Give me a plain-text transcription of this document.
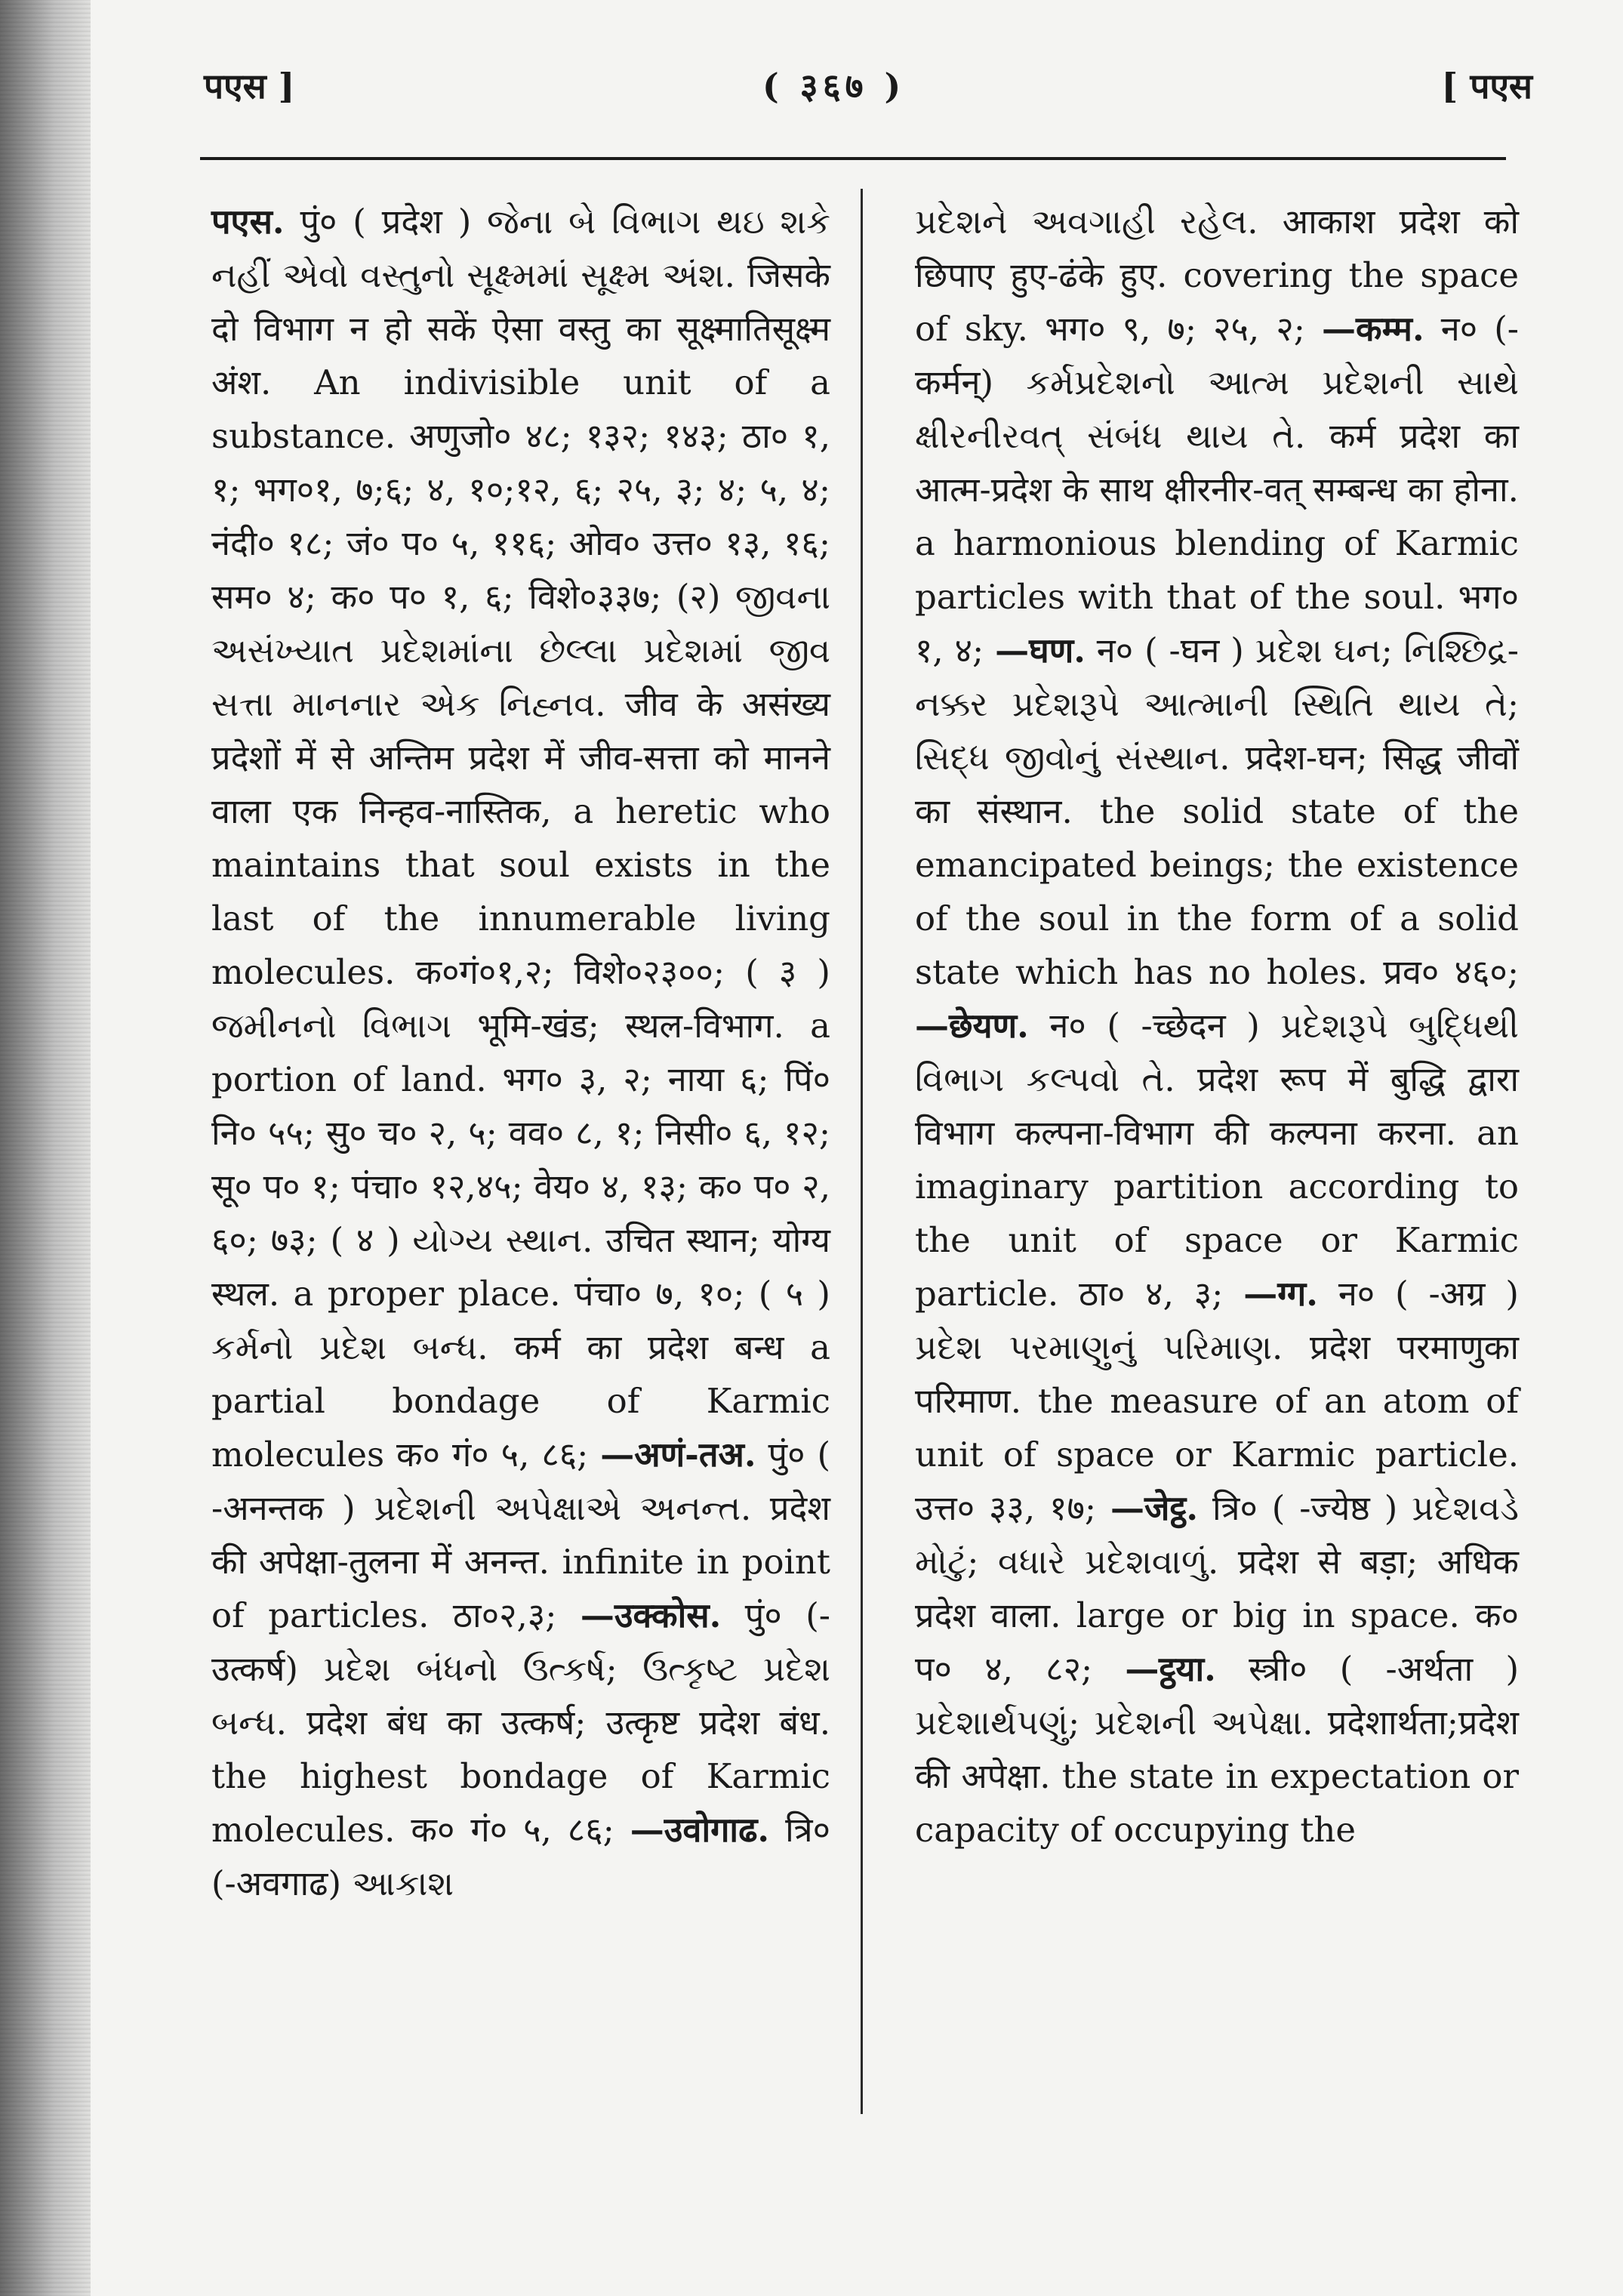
पएस ]	( ३६७ )	[ पएस

पएस. पुं० ( प्रदेश ) જેના બે વિભાગ થઇ શકે નહીં એવો વસ્તુનો સૂક્ષ્મમાં સૂક્ષ્મ અંશ. जिसके दो विभाग न हो सकें ऐसा वस्तु का सूक्ष्मातिसूक्ष्म अंश. An indivisible unit of a substance. अणुजो० ४८; १३२; १४३; ठा० १, १; भग०१, ७;६; ४, १०;१२, ६; २५, ३; ४; ५, ४; नंदी० १८; जं० प० ५, ११६; ओव० उत्त० १३, १६; सम० ४; क० प० १, ६; विशे०३३७; (२) જીવના અસંખ્યાત પ્રદેશમાંના છેલ્લા પ્રદેશમાં જીવ સત્તા માનનાર એક નિહ્નવ. जीव के असंख्य प्रदेशों में से अन्तिम प्रदेश में जीव-सत्ता को मानने वाला एक निन्हव-नास्तिक, a heretic who maintains that soul exists in the last of the innumerable living molecules. क०गं०१,२; विशे०२३००; ( ३ ) જમીનનો વિભાગ भूमि-खंड; स्थल-विभाग. a portion of land. भग० ३, २; नाया ६; पिं० नि० ५५; सु० च० २, ५; वव० ८, १; निसी० ६, १२; सू० प० १; पंचा० १२,४५; वेय० ४, १३; क० प० २, ६०; ७३; ( ४ ) યોગ્ય સ્થાન. उचित स्थान; योग्य स्थल. a proper place. पंचा० ७, १०; ( ५ ) કર્મનો પ્રદેશ બન્ધ. कर्म का प्रदेश बन्ध a partial bondage of Karmic molecules क० गं० ५, ८६; —अणं-तअ. पुं० ( -अनन्तक ) પ્રદેશની અપેક્ષાએ અનન્ત. प्रदेश की अपेक्षा-तुलना में अनन्त. infinite in point of particles. ठा०२,३; —उक्कोस. पुं० (-उत्कर्ष) પ્રદેશ બંધનો ઉત્કર્ષ; ઉત્કૃષ્ટ પ્રદેશ બન્ધ. प्रदेश बंध का उत्कर्ष; उत्कृष्ट प्रदेश बंध. the highest bondage of Karmic molecules. क० गं० ५, ८६; —उवोगाढ. त्रि० (-अवगाढ) આકાશ

પ્રદેશને અવગાહી રહેલ. आकाश प्रदेश को छिपाए हुए-ढंके हुए. covering the space of sky. भग० ९, ७; २५, २; —कम्म. न० (-कर्मन्) કર્મપ્રદેશનો આત્મ પ્રદેશની સાથે ક્ષીરનીરવત્ સંબંધ થાય તે. कर्म प्रदेश का आत्म-प्रदेश के साथ क्षीरनीर-वत् सम्बन्ध का होना. a harmonious blending of Karmic particles with that of the soul. भग० १, ४; —घण. न० ( -घन ) પ્રદેશ ઘન; નિશ્છિદ્ર-નક્કર પ્રદેશરૂપે આત્માની સ્થિતિ થાય તે; સિદ્ધ જીવોનું સંસ્થાન. प्रदेश-घन; सिद्ध जीवों का संस्थान. the solid state of the emancipated beings; the existence of the soul in the form of a solid state which has no holes. प्रव० ४६०; —छेयण. न० ( -च्छेदन ) પ્રદેશરૂપે બુદ્ધિથી વિભાગ કલ્પવો તે. प्रदेश रूप में बुद्धि द्वारा विभाग कल्पना-विभाग की कल्पना करना. an imaginary partition according to the unit of space or Karmic particle. ठा० ४, ३; —ग्ग. न० ( -अग्र ) પ્રદેશ પરમાણુનું પરિમાણ. प्रदेश परमाणुका परिमाण. the measure of an atom of unit of space or Karmic particle. उत्त० ३३, १७; —जेट्ठ. त्रि० ( -ज्येष्ठ ) પ્રદેશવડે મોટું; વધારે પ્રદેશવાળું. प्रदेश से बड़ा; अधिक प्रदेश वाला. large or big in space. क० प० ४, ८२; —ट्ठया. स्त्री० ( -अर्थता ) પ્રદેશાર્થપણું; પ્રદેશની અપેક્ષા. प्रदेशार्थता;प्रदेश की अपेक्षा. the state in expectation or capacity of occupying the
